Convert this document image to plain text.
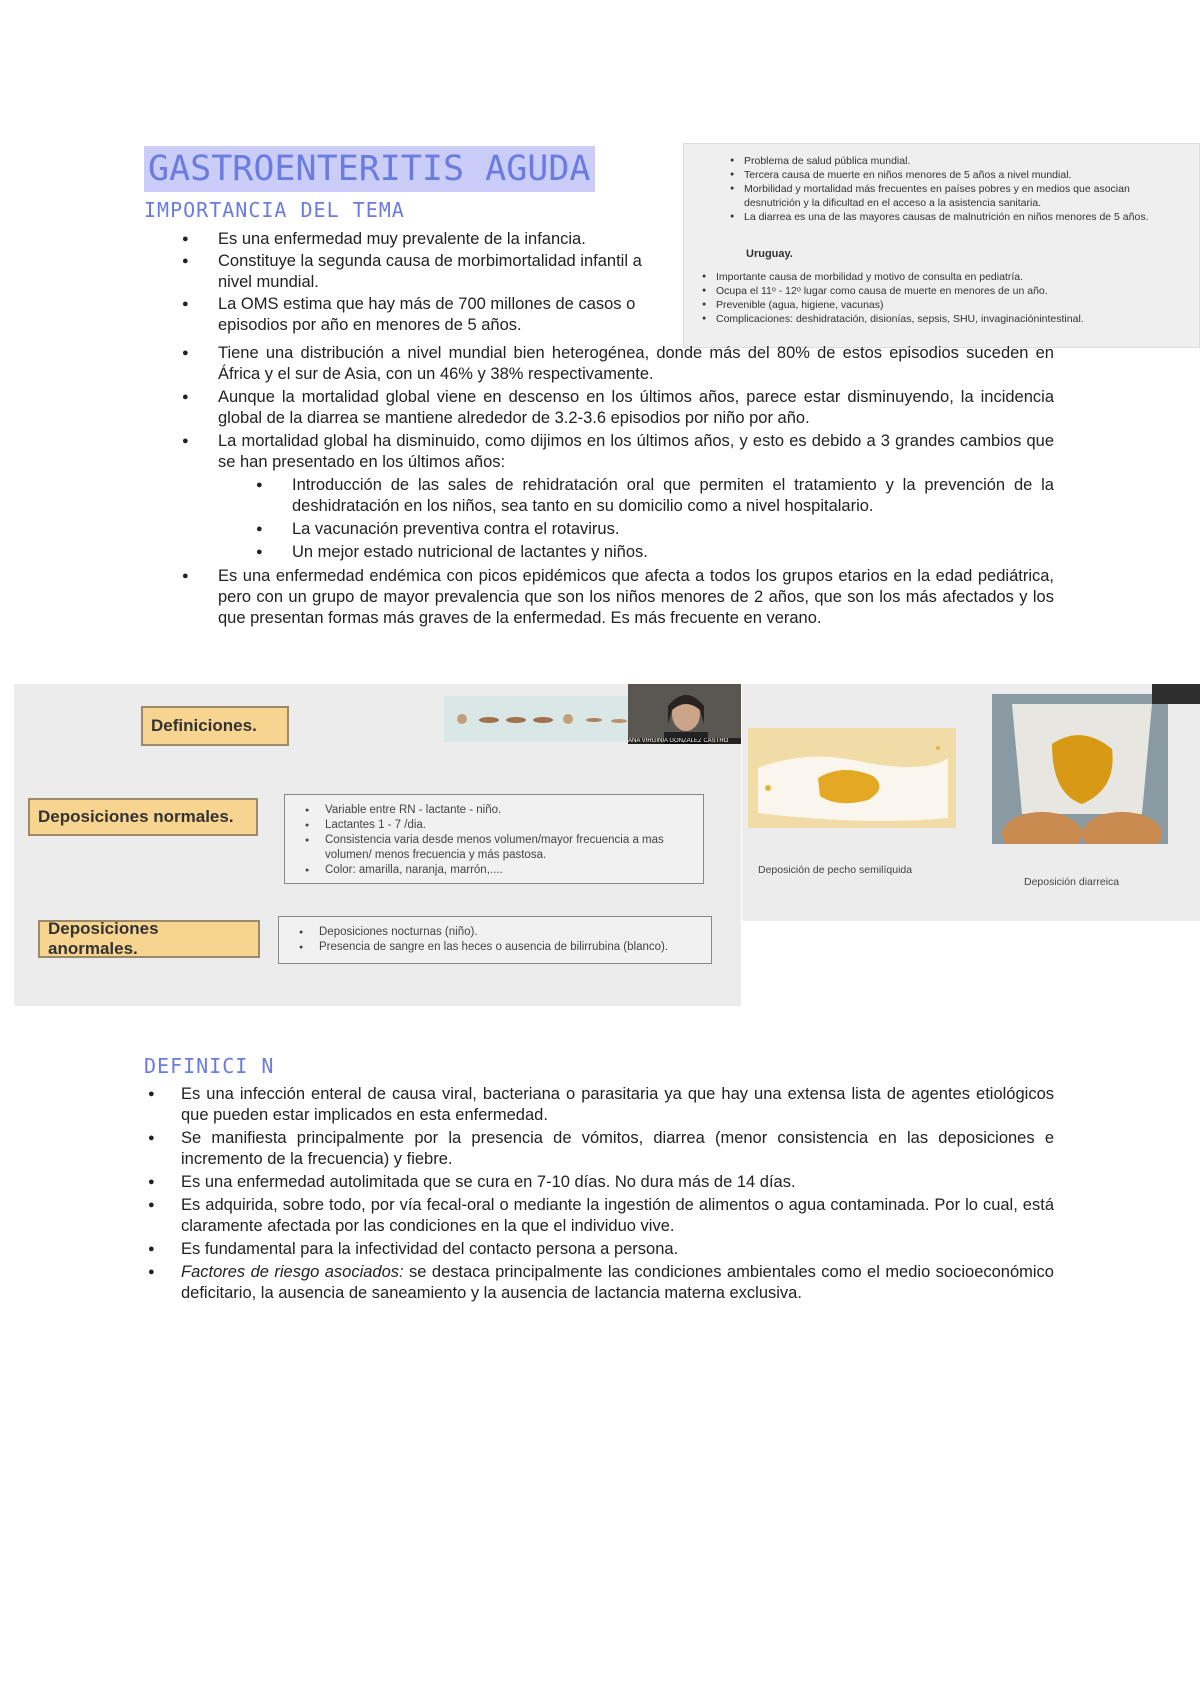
GASTROENTERITIS AGUDA
IMPORTANCIA DEL TEMA
● Problema de salud pública mundial.
● Tercera causa de muerte en niños menores de 5 años a nivel mundial.
● Morbilidad y mortalidad más frecuentes en países pobres y en medios que asocian desnutrición y la dificultad en el acceso a la asistencia sanitaria.
● La diarrea es una de las mayores causas de malnutrición en niños menores de 5 años.
Uruguay.
● Importante causa de morbilidad y motivo de consulta en pediatría.
● Ocupa el 11ᵒ - 12ᵒ lugar como causa de muerte en menores de un año.
● Prevenible (agua, higiene, vacunas)
● Complicaciones: deshidratación, disionías, sepsis, SHU, invaginaciónintestinal.
● Es una enfermedad muy prevalente de la infancia.
● Constituye la segunda causa de morbimortalidad infantil a nivel mundial.
● La OMS estima que hay más de 700 millones de casos o episodios por año en menores de 5 años.
● Tiene una distribución a nivel mundial bien heterogénea, donde más del 80% de estos episodios suceden en África y el sur de Asia, con un 46% y 38% respectivamente.
● Aunque la mortalidad global viene en descenso en los últimos años, parece estar disminuyendo, la incidencia global de la diarrea se mantiene alrededor de 3.2-3.6 episodios por niño por año.
● La mortalidad global ha disminuido, como dijimos en los últimos años, y esto es debido a 3 grandes cambios que se han presentado en los últimos años:
● Introducción de las sales de rehidratación oral que permiten el tratamiento y la prevención de la deshidratación en los niños, sea tanto en su domicilio como a nivel hospitalario.
● La vacunación preventiva contra el rotavirus.
● Un mejor estado nutricional de lactantes y niños.
● Es una enfermedad endémica con picos epidémicos que afecta a todos los grupos etarios en la edad pediátrica, pero con un grupo de mayor prevalencia que son los niños menores de 2 años, que son los más afectados y los que presentan formas más graves de la enfermedad. Es más frecuente en verano.
Definiciones.
ANA VIRGINIA GONZALEZ CASTRO
Deposiciones normales.
●	Variable entre RN - lactante - niño.
● Lactantes 1 - 7 /dia.
● Consistencia varia desde menos volumen/mayor frecuencia a mas volumen/ menos frecuencia y más pastosa.
● Color: amarilla, naranja, marrón,....
Deposiciones anormales.
● Deposiciones nocturnas (niño).
● Presencia de sangre en las heces o ausencia de bilirrubina (blanco).
Deposición de pecho semilíquida
Deposición diarreica
DEFINICI N
● Es una infección enteral de causa viral, bacteriana o parasitaria ya que hay una extensa lista de agentes etiológicos que pueden estar implicados en esta enfermedad.
● Se manifiesta principalmente por la presencia de vómitos, diarrea (menor consistencia en las deposiciones e incremento de la frecuencia) y fiebre.
● Es una enfermedad autolimitada que se cura en 7-10 días. No dura más de 14 días.
● Es adquirida, sobre todo, por vía fecal-oral o mediante la ingestión de alimentos o agua contaminada. Por lo cual, está claramente afectada por las condiciones en la que el individuo vive.
● Es fundamental para la infectividad del contacto persona a persona.
● Factores de riesgo asociados: se destaca principalmente las condiciones ambientales como el medio socioeconómico deficitario, la ausencia de saneamiento y la ausencia de lactancia materna exclusiva.
